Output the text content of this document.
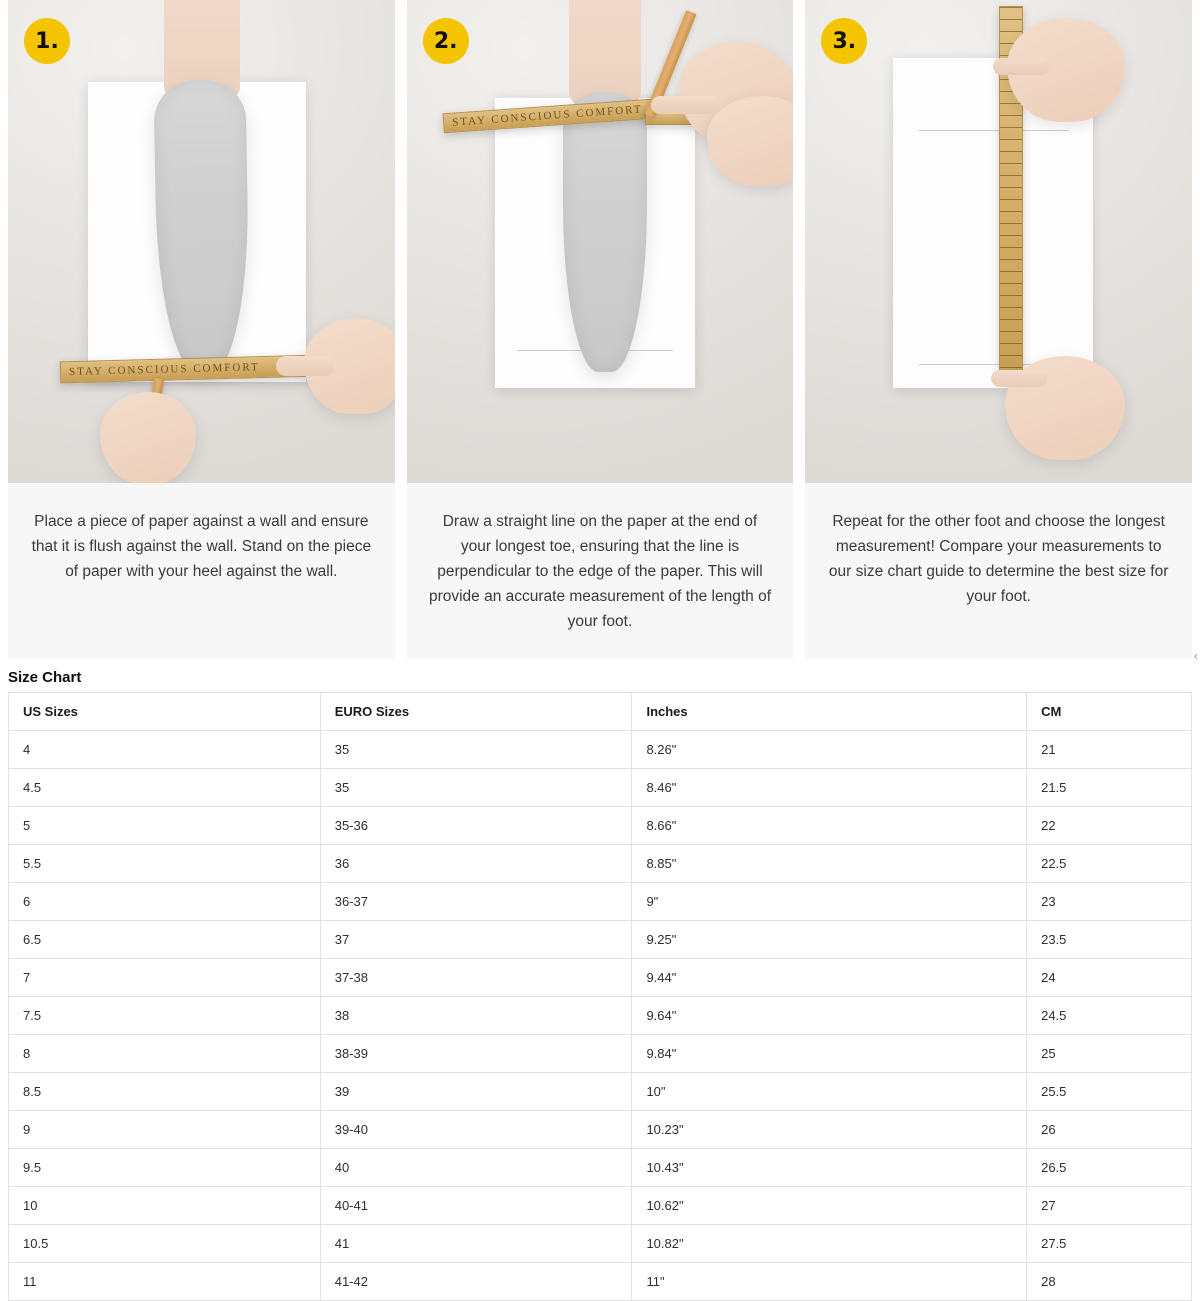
STAY CONSCIOUS COMFORT
1.

Place a piece of paper against a wall and ensure that it is flush against the wall. Stand on the piece of paper with your heel against the wall.

STAY CONSCIOUS COMFORT
2.

Draw a straight line on the paper at the end of your longest toe, ensuring that the line is perpendicular to the edge of the paper. This will provide an accurate measurement of the length of your foot.

3.

Repeat for the other foot and choose the longest measurement! Compare your measurements to our size chart guide to determine the best size for your foot.

Size Chart
US Sizes	EURO Sizes	Inches	CM
4	35	8.26"	21
4.5	35	8.46"	21.5
5	35-36	8.66"	22
5.5	36	8.85"	22.5
6	36-37	9"	23
6.5	37	9.25"	23.5
7	37-38	9.44"	24
7.5	38	9.64"	24.5
8	38-39	9.84"	25
8.5	39	10"	25.5
9	39-40	10.23"	26
9.5	40	10.43"	26.5
10	40-41	10.62"	27
10.5	41	10.82"	27.5
11	41-42	11"	28
‹
